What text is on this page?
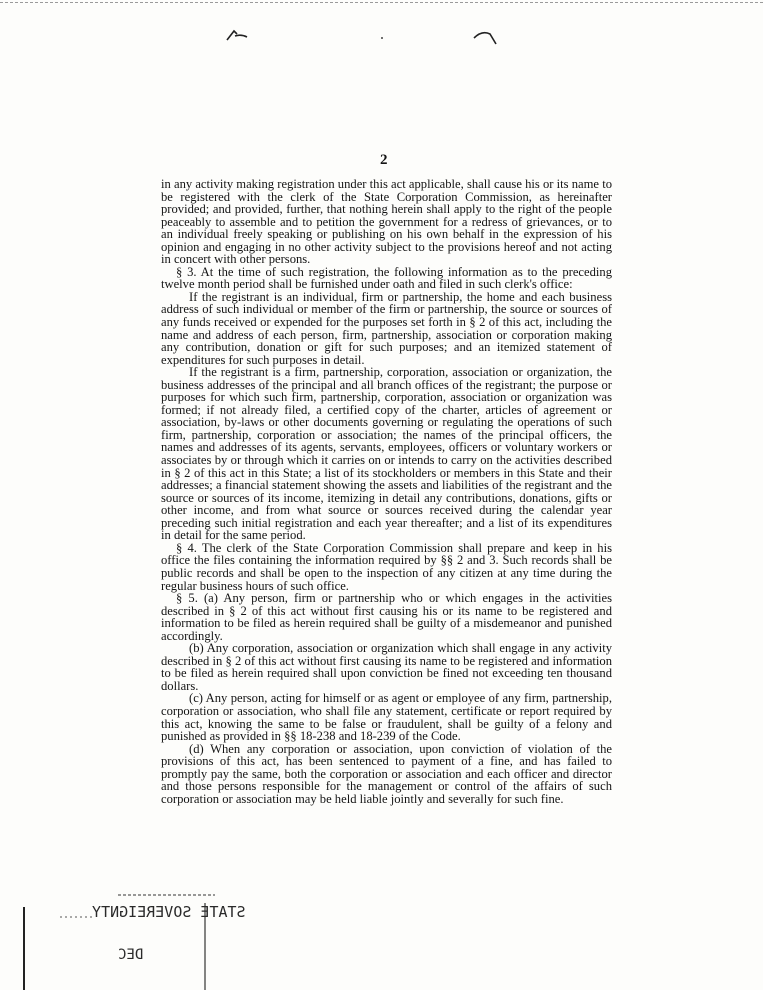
2

in any activity making registration under this act applicable, shall cause his or its name to be registered with the clerk of the State Corporation Commission, as hereinafter provided; and provided, further, that nothing herein shall apply to the right of the people peaceably to assemble and to petition the government for a redress of grievances, or to an individual freely speaking or publishing on his own behalf in the expression of his opinion and engaging in no other activity subject to the provisions hereof and not acting in concert with other persons.

§ 3. At the time of such registration, the following information as to the preceding twelve month period shall be furnished under oath and filed in such clerk's office:

If the registrant is an individual, firm or partnership, the home and each business address of such individual or member of the firm or partnership, the source or sources of any funds received or expended for the purposes set forth in § 2 of this act, including the name and address of each person, firm, partnership, association or corporation making any contribution, donation or gift for such purposes; and an itemized statement of expenditures for such purposes in detail.

If the registrant is a firm, partnership, corporation, association or organization, the business addresses of the principal and all branch offices of the registrant; the purpose or purposes for which such firm, partnership, corporation, association or organization was formed; if not already filed, a certified copy of the charter, articles of agreement or association, by-laws or other documents governing or regulating the operations of such firm, partnership, corporation or association; the names of the principal officers, the names and addresses of its agents, servants, employees, officers or voluntary workers or associates by or through which it carries on or intends to carry on the activities described in § 2 of this act in this State; a list of its stockholders or members in this State and their addresses; a financial statement showing the assets and liabilities of the registrant and the source or sources of its income, itemizing in detail any contributions, donations, gifts or other income, and from what source or sources received during the calendar year preceding such initial registration and each year thereafter; and a list of its expenditures in detail for the same period.

§ 4. The clerk of the State Corporation Commission shall prepare and keep in his office the files containing the information required by §§ 2 and 3. Such records shall be public records and shall be open to the inspection of any citizen at any time during the regular business hours of such office.

§ 5. (a) Any person, firm or partnership who or which engages in the activities described in § 2 of this act without first causing his or its name to be registered and information to be filed as herein required shall be guilty of a misdemeanor and punished accordingly.

(b) Any corporation, association or organization which shall engage in any activity described in § 2 of this act without first causing its name to be registered and information to be filed as herein required shall upon conviction be fined not exceeding ten thousand dollars.

(c) Any person, acting for himself or as agent or employee of any firm, partnership, corporation or association, who shall file any statement, certificate or report required by this act, knowing the same to be false or fraudulent, shall be guilty of a felony and punished as provided in §§ 18-238 and 18-239 of the Code.

(d) When any corporation or association, upon conviction of violation of the provisions of this act, has been sentenced to payment of a fine, and has failed to promptly pay the same, both the corporation or association and each officer and director and those persons responsible for the management or control of the affairs of such corporation or association may be held liable jointly and severally for such fine.

STATE SOVEREIGNTY
DEC
